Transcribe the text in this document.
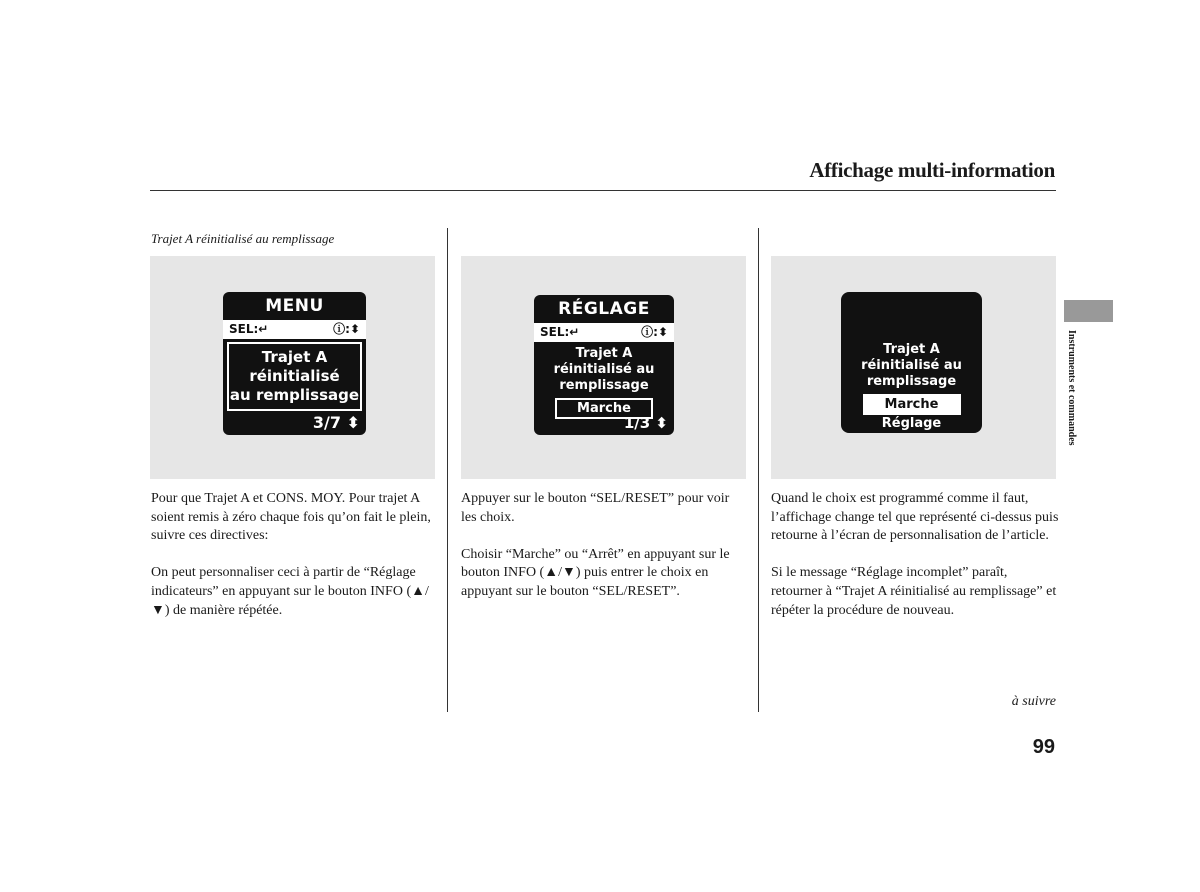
Affichage multi-information
Trajet A réinitialisé au remplissage
MENU
SEL:↵	ⓘ:⬍
Trajet A
réinitialisé
au remplissage
3/7 ⬍
RÉGLAGE
SEL:↵	ⓘ:⬍
Trajet A
réinitialisé au
remplissage
Marche
1/3 ⬍
Trajet A
réinitialisé au
remplissage
Marche
Réglage

Pour que Trajet A et CONS. MOY. Pour trajet A soient remis à zéro chaque fois qu’on fait le plein, suivre ces directives:

On peut personnaliser ceci à partir de “Réglage indicateurs” en appuyant sur le bouton INFO (▲/▼) de manière répétée.

Appuyer sur le bouton “SEL/RESET” pour voir les choix.

Choisir “Marche” ou “Arrêt” en appuyant sur le bouton INFO (▲/▼) puis entrer le choix en appuyant sur le bouton “SEL/RESET”.

Quand le choix est programmé comme il faut, l’affichage change tel que représenté ci-dessus puis retourne à l’écran de personnalisation de l’article.

Si le message “Réglage incomplet” paraît, retourner à “Trajet A réinitialisé au remplissage” et répéter la procédure de nouveau.

Instruments et commandes
à suivre
99
